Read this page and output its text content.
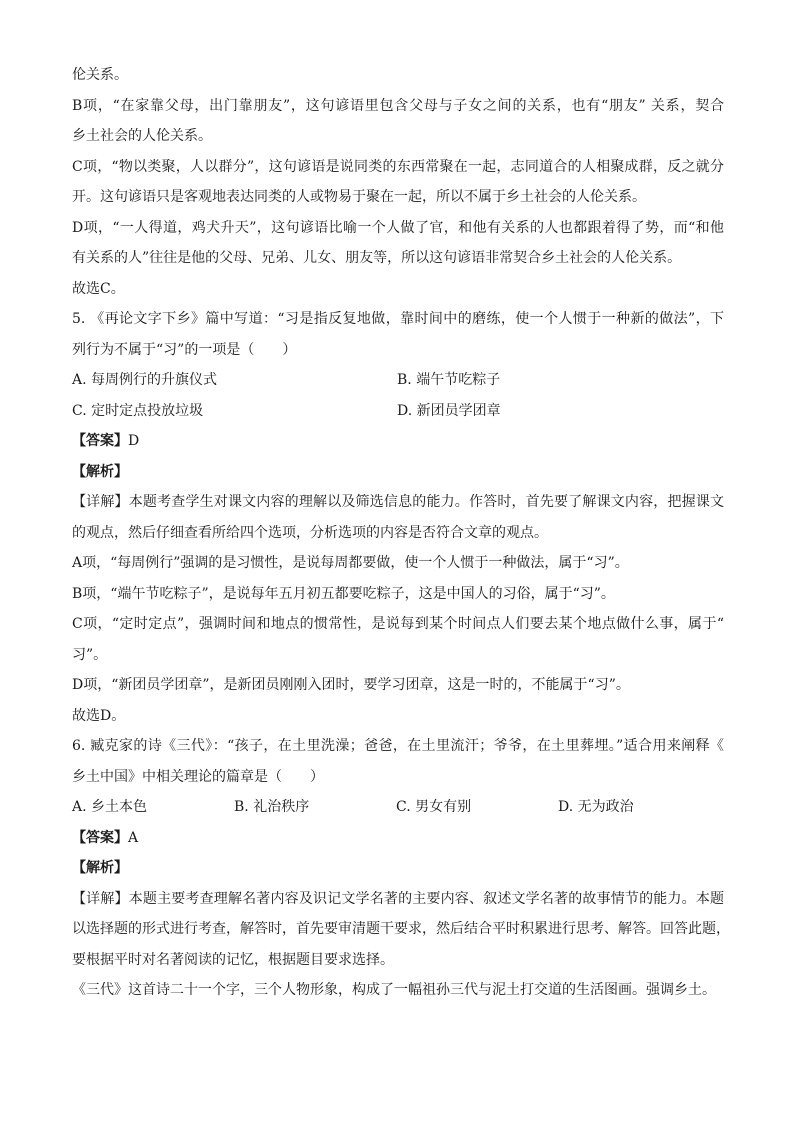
伦关系。
B项，“在家靠父母，出门靠朋友”，这句谚语里包含父母与子女之间的关系，也有“朋友” 关系，契合
乡土社会的人伦关系。
C项，“物以类聚，人以群分”，这句谚语是说同类的东西常聚在一起，志同道合的人相聚成群，反之就分
开。这句谚语只是客观地表达同类的人或物易于聚在一起，所以不属于乡土社会的人伦关系。
D项，“一人得道，鸡犬升天”，这句谚语比喻一个人做了官，和他有关系的人也都跟着得了势，而“和他
有关系的人”往往是他的父母、兄弟、儿女、朋友等，所以这句谚语非常契合乡土社会的人伦关系。
故选C。
5. 《再论文字下乡》篇中写道：“习是指反复地做，靠时间中的磨练，使一个人惯于一种新的做法”，下
列行为不属于“习”的一项是（　　）
A. 每周例行的升旗仪式	B. 端午节吃粽子
C. 定时定点投放垃圾	D. 新团员学团章
【答案】D
【解析】
【详解】本题考查学生对课文内容的理解以及筛选信息的能力。作答时，首先要了解课文内容，把握课文
的观点，然后仔细查看所给四个选项，分析选项的内容是否符合文章的观点。
A项，“每周例行”强调的是习惯性，是说每周都要做，使一个人惯于一种做法，属于“习”。
B项，“端午节吃粽子”，是说每年五月初五都要吃粽子，这是中国人的习俗，属于“习”。
C项，“定时定点”，强调时间和地点的惯常性，是说每到某个时间点人们要去某个地点做什么事，属于“
习”。
D项，“新团员学团章”，是新团员刚刚入团时，要学习团章，这是一时的，不能属于“习”。
故选D。
6. 臧克家的诗《三代》：“孩子，在土里洗澡；爸爸，在土里流汗；爷爷，在土里葬埋。”适合用来阐释《
乡土中国》中相关理论的篇章是（　　）
A. 乡土本色	B. 礼治秩序	C. 男女有别	D. 无为政治
【答案】A
【解析】
【详解】本题主要考查理解名著内容及识记文学名著的主要内容、叙述文学名著的故事情节的能力。本题
以选择题的形式进行考查，解答时，首先要审清题干要求，然后结合平时积累进行思考、解答。回答此题，
要根据平时对名著阅读的记忆，根据题目要求选择。
《三代》这首诗二十一个字，三个人物形象，构成了一幅祖孙三代与泥土打交道的生活图画。强调乡土。
